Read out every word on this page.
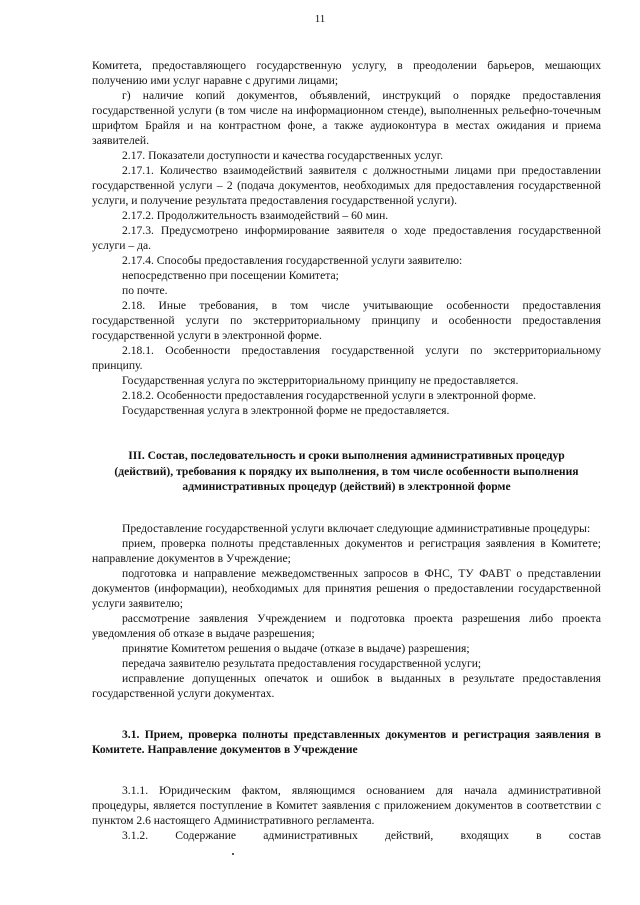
11

Комитета, предоставляющего государственную услугу, в преодолении барьеров, мешающих получению ими услуг наравне с другими лицами;

г) наличие копий документов, объявлений, инструкций о порядке предоставления государственной услуги (в том числе на информационном стенде), выполненных рельефно-точечным шрифтом Брайля и на контрастном фоне, а также аудиоконтура в местах ожидания и приема заявителей.

2.17. Показатели доступности и качества государственных услуг.

2.17.1. Количество взаимодействий заявителя с должностными лицами при предоставлении государственной услуги – 2 (подача документов, необходимых для предоставления государственной услуги, и получение результата предоставления государственной услуги).

2.17.2. Продолжительность взаимодействий – 60 мин.

2.17.3. Предусмотрено информирование заявителя о ходе предоставления государственной услуги – да.

2.17.4. Способы предоставления государственной услуги заявителю:

непосредственно при посещении Комитета;

по почте.

2.18. Иные требования, в том числе учитывающие особенности предоставления государственной услуги по экстерриториальному принципу и особенности предоставления государственной услуги в электронной форме.

2.18.1. Особенности предоставления государственной услуги по экстерриториальному принципу.

Государственная услуга по экстерриториальному принципу не предоставляется.

2.18.2. Особенности предоставления государственной услуги в электронной форме.

Государственная услуга в электронной форме не предоставляется.

III. Состав, последовательность и сроки выполнения административных процедур (действий), требования к порядку их выполнения, в том числе особенности выполнения административных процедур (действий) в электронной форме

Предоставление государственной услуги включает следующие административные процедуры:

прием, проверка полноты представленных документов и регистрация заявления в Комитете; направление документов в Учреждение;

подготовка и направление межведомственных запросов в ФНС, ТУ ФАВТ о представлении документов (информации), необходимых для принятия решения о предоставлении государственной услуги заявителю;

рассмотрение заявления Учреждением и подготовка проекта разрешения либо проекта уведомления об отказе в выдаче разрешения;

принятие Комитетом решения о выдаче (отказе в выдаче) разрешения;

передача заявителю результата предоставления государственной услуги;

исправление допущенных опечаток и ошибок в выданных в результате предоставления государственной услуги документах.

3.1. Прием, проверка полноты представленных документов и регистрация заявления в Комитете. Направление документов в Учреждение

3.1.1. Юридическим фактом, являющимся основанием для начала административной процедуры, является поступление в Комитет заявления с приложением документов в соответствии с пунктом 2.6 настоящего Административного регламента.

3.1.2. Содержание административных действий, входящих в состав
